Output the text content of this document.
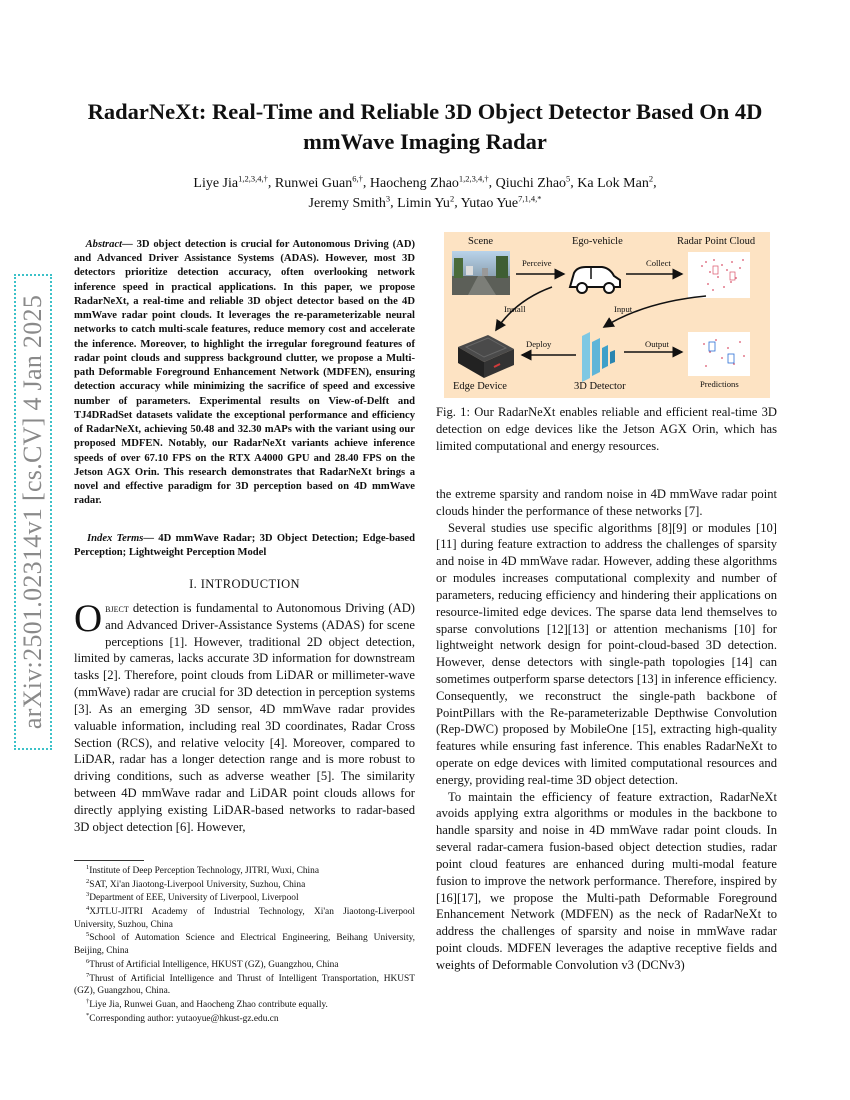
arXiv:2501.02314v1 [cs.CV] 4 Jan 2025
RadarNeXt: Real-Time and Reliable 3D Object Detector Based On 4D mmWave Imaging Radar
Liye Jia$^{1,2,3,4,\dagger}$, Runwei Guan$^{6,\dagger}$, Haocheng Zhao$^{1,2,3,4,\dagger}$, Qiuchi Zhao$^5$, Ka Lok Man$^2$,
Jeremy Smith$^3$, Limin Yu$^2$, Yutao Yue$^{7,1,4,*}$

Abstract— 3D object detection is crucial for Autonomous Driving (AD) and Advanced Driver Assistance Systems (ADAS). However, most 3D detectors prioritize detection accuracy, often overlooking network inference speed in practical applications. In this paper, we propose RadarNeXt, a real-time and reliable 3D object detector based on the 4D mmWave radar point clouds. It leverages the re-parameterizable neural networks to catch multi-scale features, reduce memory cost and accelerate the inference. Moreover, to highlight the irregular foreground features of radar point clouds and suppress background clutter, we propose a Multi-path Deformable Foreground Enhancement Network (MDFEN), ensuring detection accuracy while minimizing the sacrifice of speed and excessive number of parameters. Experimental results on View-of-Delft and TJ4DRadSet datasets validate the exceptional performance and efficiency of RadarNeXt, achieving 50.48 and 32.30 mAPs with the variant using our proposed MDFEN. Notably, our RadarNeXt variants achieve inference speeds of over 67.10 FPS on the RTX A4000 GPU and 28.40 FPS on the Jetson AGX Orin. This research demonstrates that RadarNeXt brings a novel and effective paradigm for 3D perception based on 4D mmWave radar.

Index Terms— 4D mmWave Radar; 3D Object Detection; Edge-based Perception; Lightweight Perception Model

I. INTRODUCTION

Object detection is fundamental to Autonomous Driving (AD) and Advanced Driver-Assistance Systems (ADAS) for scene perceptions [1]. However, traditional 2D object detection, limited by cameras, lacks accurate 3D information for downstream tasks [2]. Therefore, point clouds from LiDAR or millimeter-wave (mmWave) radar are crucial for 3D detection in perception systems [3]. As an emerging 3D sensor, 4D mmWave radar provides valuable information, including real 3D coordinates, Radar Cross Section (RCS), and relative velocity [4]. Moreover, compared to LiDAR, radar has a longer detection range and is more robust to driving conditions, such as adverse weather [5]. The similarity between 4D mmWave radar and LiDAR point clouds allows for directly applying existing LiDAR-based networks to radar-based 3D object detection [6]. However,

$^1$Institute of Deep Perception Technology, JITRI, Wuxi, China
$^2$SAT, Xi'an Jiaotong-Liverpool University, Suzhou, China
$^3$Department of EEE, University of Liverpool, Liverpool
$^4$XJTLU-JITRI Academy of Industrial Technology, Xi'an Jiaotong-Liverpool University, Suzhou, China
$^5$School of Automation Science and Electrical Engineering, Beihang University, Beijing, China
$^6$Thrust of Artificial Intelligence, HKUST (GZ), Guangzhou, China
$^7$Thrust of Artificial Intelligence and Thrust of Intelligent Transportation, HKUST (GZ), Guangzhou, China.
†Liye Jia, Runwei Guan, and Haocheng Zhao contribute equally.
*Corresponding author: yutaoyue@hkust-gz.edu.cn
Scene	Ego-vehicle	Radar Point Cloud
Edge Device	3D Detector	Predictions
Perceive	Collect
Install	Input
Deploy	Output

Fig. 1: Our RadarNeXt enables reliable and efficient real-time 3D detection on edge devices like the Jetson AGX Orin, which has limited computational and energy resources.

the extreme sparsity and random noise in 4D mmWave radar point clouds hinder the performance of these networks [7].

Several studies use specific algorithms [8][9] or modules [10][11] during feature extraction to address the challenges of sparsity and noise in 4D mmWave radar. However, adding these algorithms or modules increases computational complexity and number of parameters, reducing efficiency and hindering their applications on resource-limited edge devices. The sparse data lend themselves to sparse convolutions [12][13] or attention mechanisms [10] for lightweight network design for point-cloud-based 3D detection. However, dense detectors with single-path topologies [14] can sometimes outperform sparse detectors [13] in inference efficiency. Consequently, we reconstruct the single-path backbone of PointPillars with the Re-parameterizable Depthwise Convolution (Rep-DWC) proposed by MobileOne [15], extracting high-quality features while ensuring fast inference. This enables RadarNeXt to operate on edge devices with limited computational resources and energy, providing real-time 3D object detection.

To maintain the efficiency of feature extraction, RadarNeXt avoids applying extra algorithms or modules in the backbone to handle sparsity and noise in 4D mmWave radar point clouds. In several radar-camera fusion-based object detection studies, radar point cloud features are enhanced during multi-modal feature fusion to improve the network performance. Therefore, inspired by [16][17], we propose the Multi-path Deformable Foreground Enhancement Network (MDFEN) as the neck of RadarNeXt to address the challenges of sparsity and noise in mmWave radar point clouds. MDFEN leverages the adaptive receptive fields and weights of Deformable Convolution v3 (DCNv3)
